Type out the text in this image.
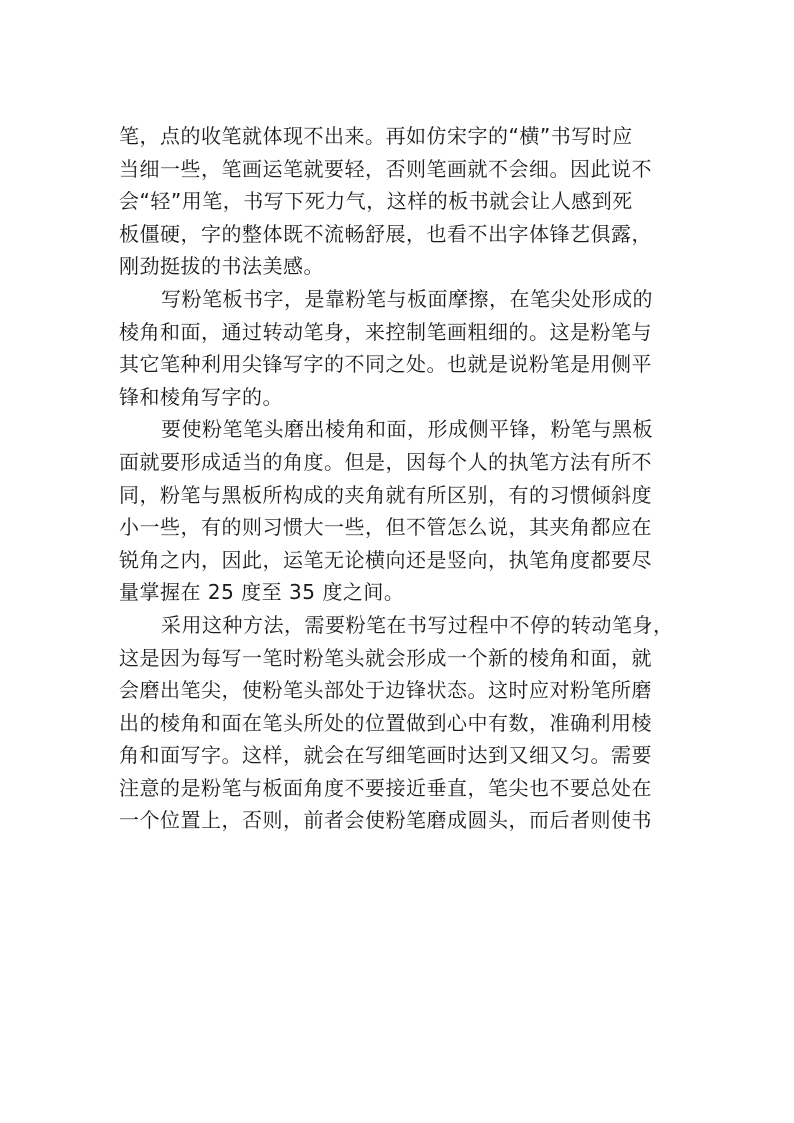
笔，点的收笔就体现不出来。再如仿宋字的“横”书写时应
当细一些，笔画运笔就要轻，否则笔画就不会细。因此说不
会“轻”用笔，书写下死力气，这样的板书就会让人感到死
板僵硬，字的整体既不流畅舒展，也看不出字体锋艺俱露，
刚劲挺拔的书法美感。
写粉笔板书字，是靠粉笔与板面摩擦，在笔尖处形成的
棱角和面，通过转动笔身，来控制笔画粗细的。这是粉笔与
其它笔种利用尖锋写字的不同之处。也就是说粉笔是用侧平
锋和棱角写字的。
要使粉笔笔头磨出棱角和面，形成侧平锋，粉笔与黑板
面就要形成适当的角度。但是，因每个人的执笔方法有所不
同，粉笔与黑板所构成的夹角就有所区别，有的习惯倾斜度
小一些，有的则习惯大一些，但不管怎么说，其夹角都应在
锐角之内，因此，运笔无论横向还是竖向，执笔角度都要尽
量掌握在 25 度至 35 度之间。
采用这种方法，需要粉笔在书写过程中不停的转动笔身，
这是因为每写一笔时粉笔头就会形成一个新的棱角和面，就
会磨出笔尖，使粉笔头部处于边锋状态。这时应对粉笔所磨
出的棱角和面在笔头所处的位置做到心中有数，准确利用棱
角和面写字。这样，就会在写细笔画时达到又细又匀。需要
注意的是粉笔与板面角度不要接近垂直，笔尖也不要总处在
一个位置上，否则，前者会使粉笔磨成圆头，而后者则使书
